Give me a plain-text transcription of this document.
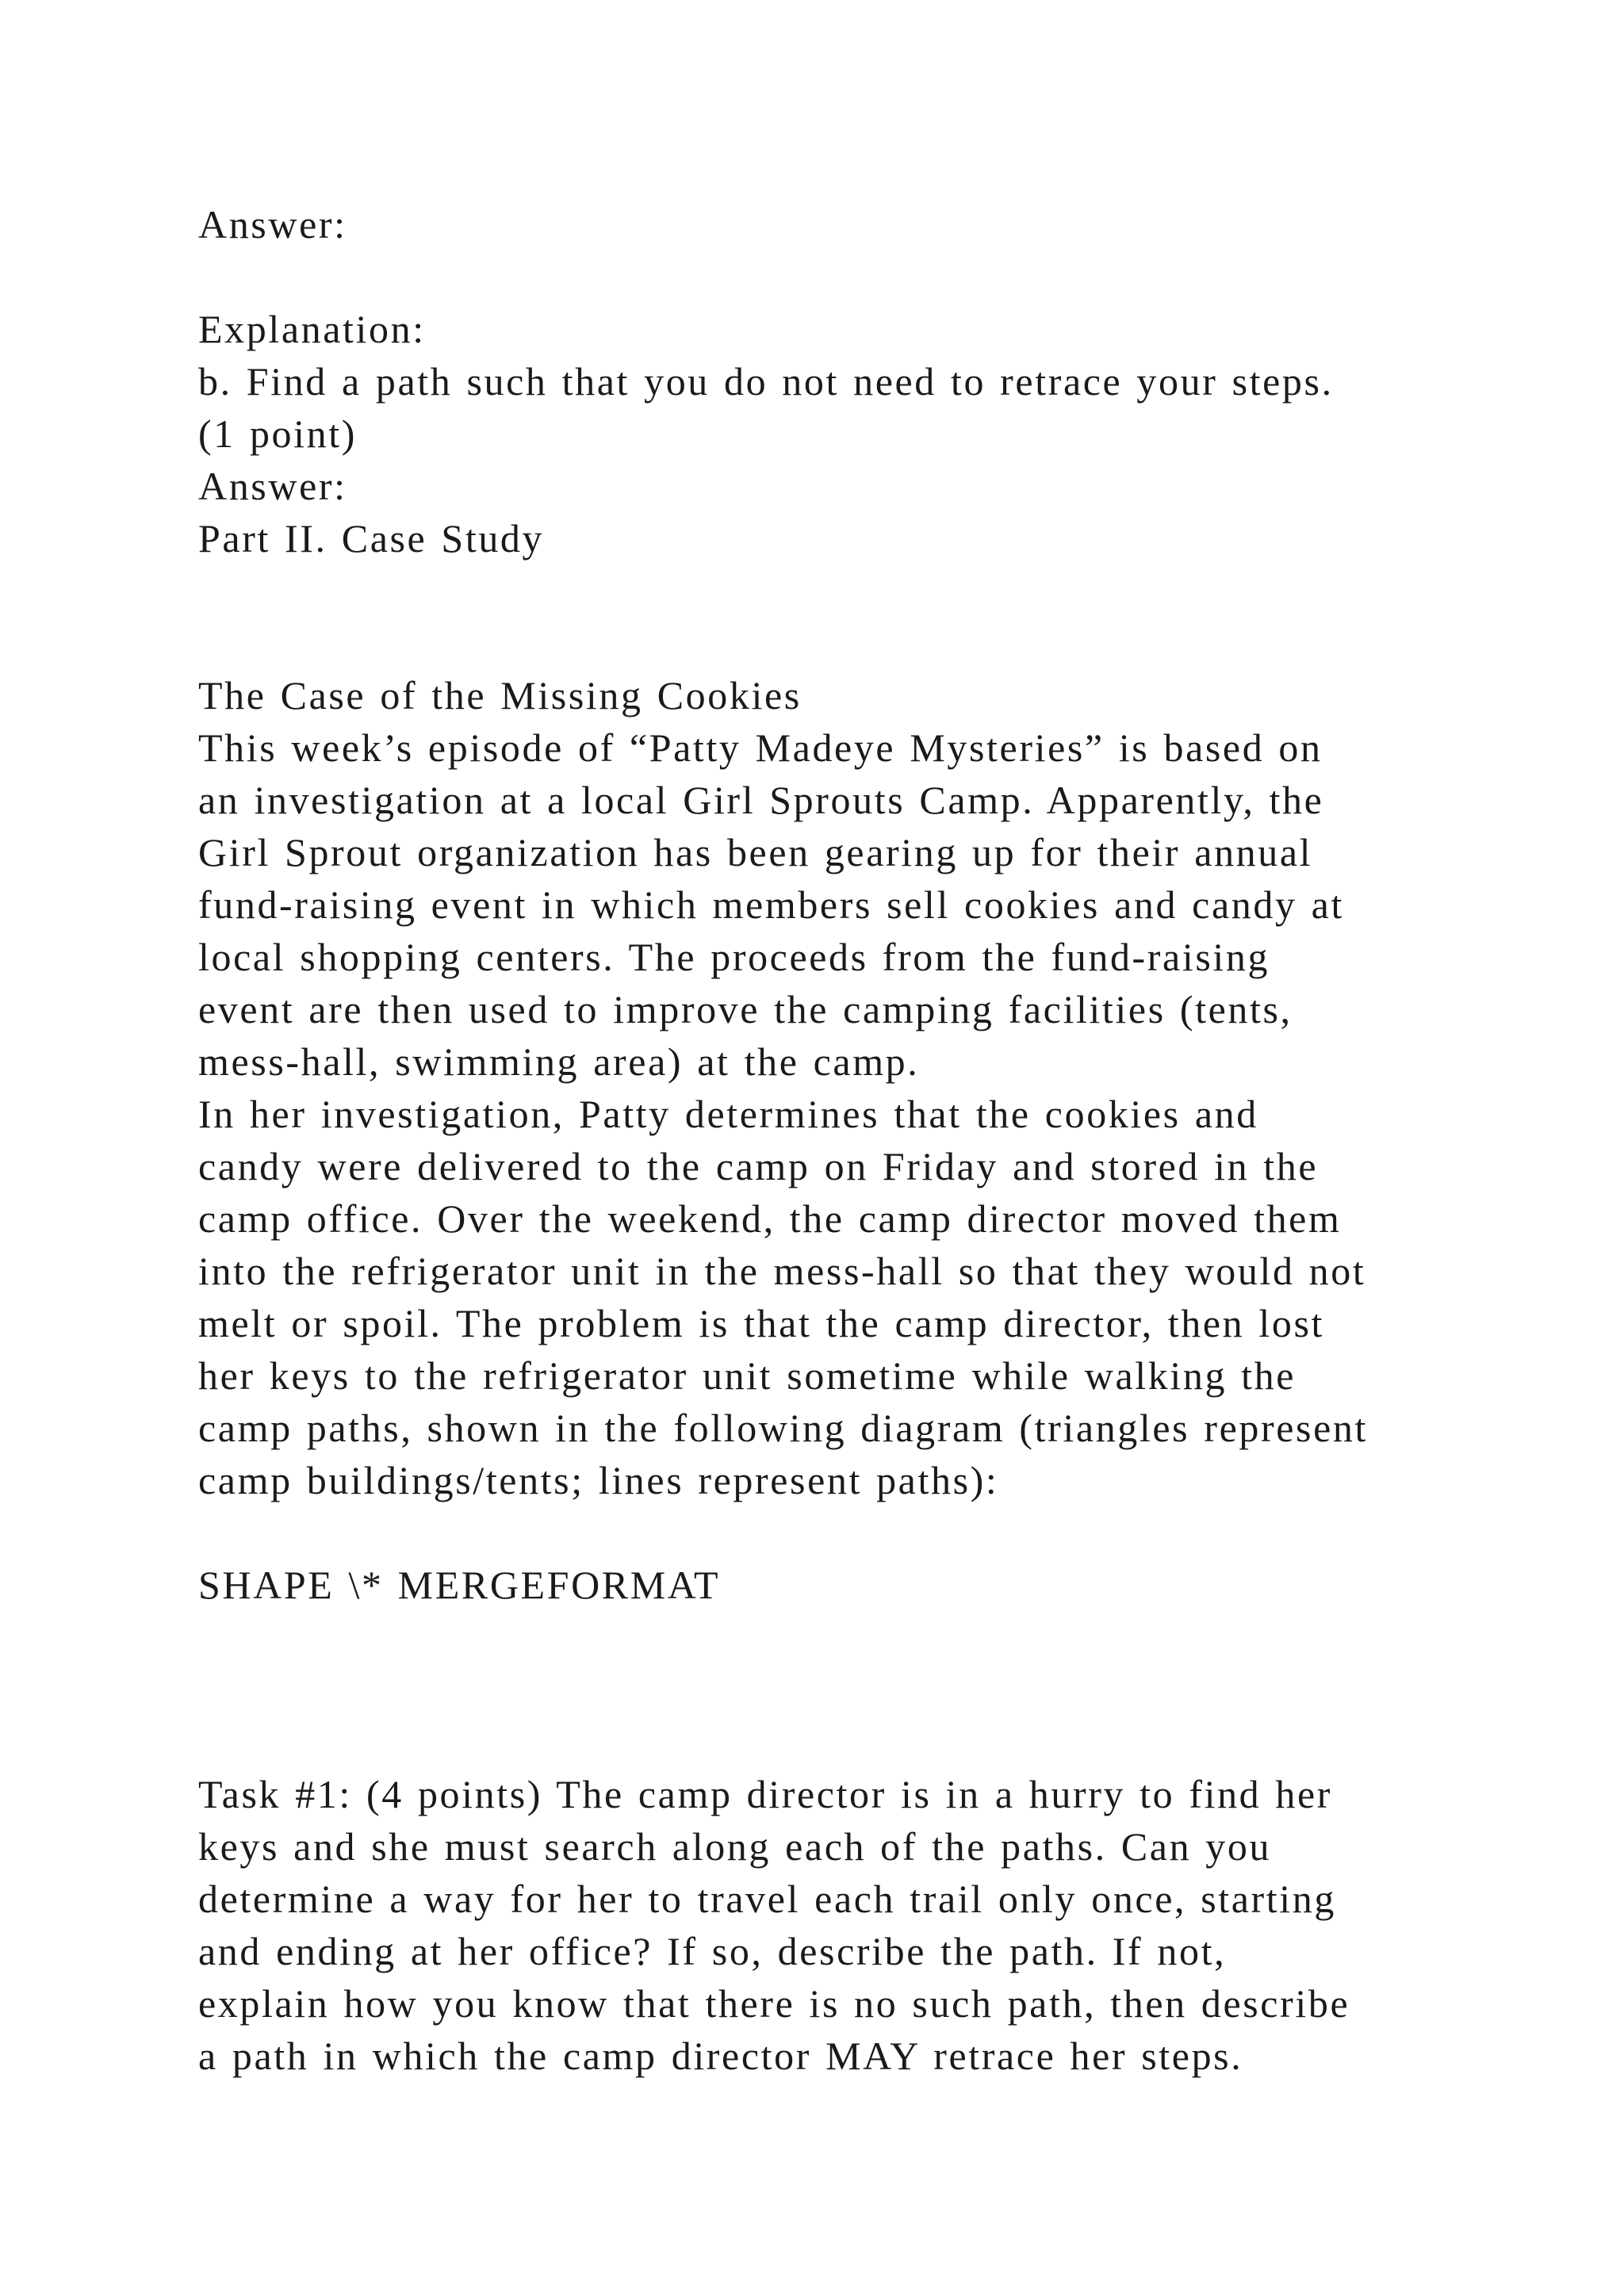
Answer:

Explanation:

b. Find a path such that you do not need to retrace your steps.

(1 point)

Answer:

Part II. Case Study

The Case of the Missing Cookies

This week’s episode of “Patty Madeye Mysteries” is based on

an investigation at a local Girl Sprouts Camp. Apparently, the

Girl Sprout organization has been gearing up for their annual

fund-raising event in which members sell cookies and candy at

local shopping centers. The proceeds from the fund-raising

event are then used to improve the camping facilities (tents,

mess-hall, swimming area) at the camp.

In her investigation, Patty determines that the cookies and

candy were delivered to the camp on Friday and stored in the

camp office. Over the weekend, the camp director moved them

into the refrigerator unit in the mess-hall so that they would not

melt or spoil. The problem is that the camp director, then lost

her keys to the refrigerator unit sometime while walking the

camp paths, shown in the following diagram (triangles represent

camp buildings/tents; lines represent paths):

SHAPE \* MERGEFORMAT

Task #1: (4 points) The camp director is in a hurry to find her

keys and she must search along each of the paths. Can you

determine a way for her to travel each trail only once, starting

and ending at her office? If so, describe the path. If not,

explain how you know that there is no such path, then describe

a path in which the camp director MAY retrace her steps.
